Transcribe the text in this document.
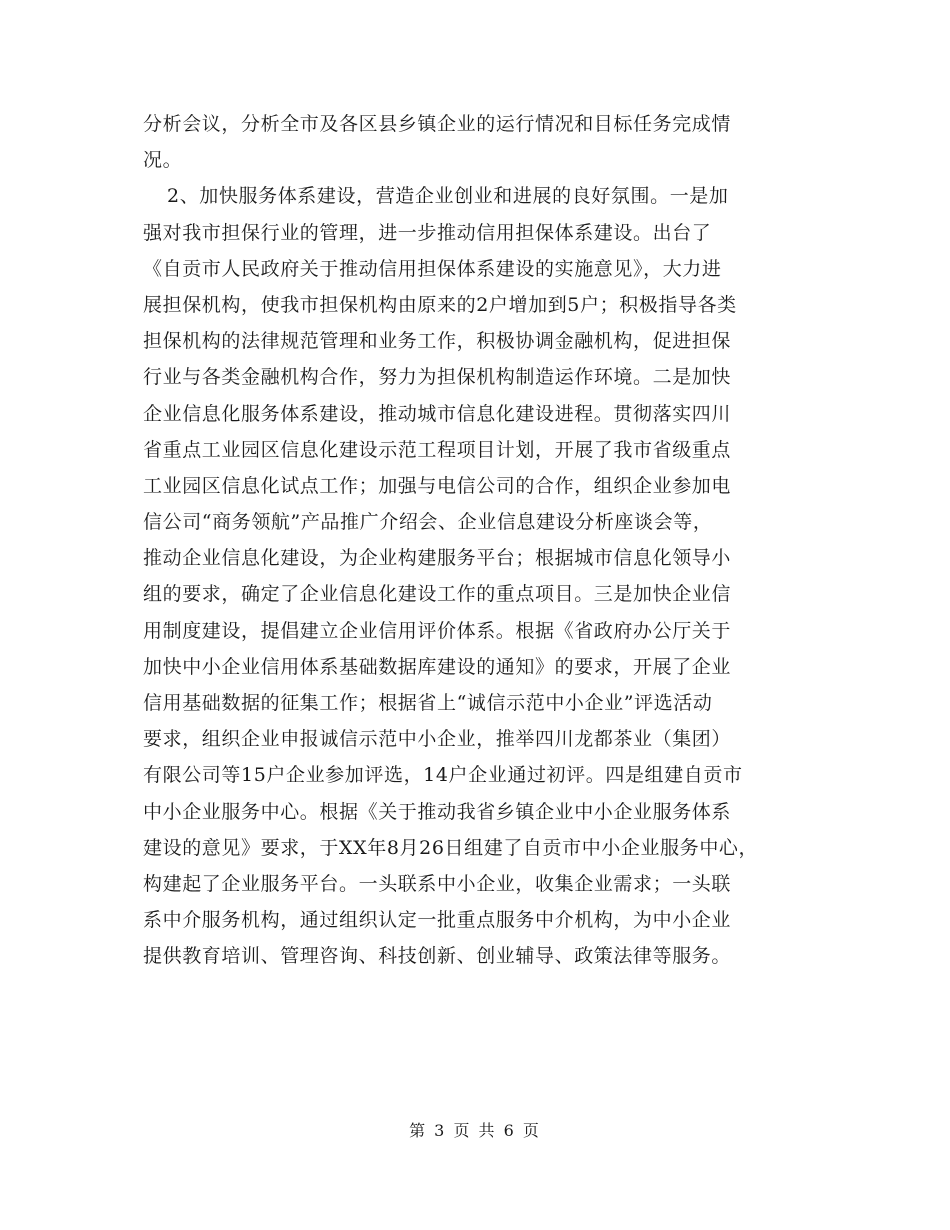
分析会议，分析全市及各区县乡镇企业的运行情况和目标任务完成情
况。
2、加快服务体系建设，营造企业创业和进展的良好氛围。一是加
强对我市担保行业的管理，进一步推动信用担保体系建设。出台了
《自贡市人民政府关于推动信用担保体系建设的实施意见》，大力进
展担保机构，使我市担保机构由原来的2户增加到5户；积极指导各类
担保机构的法律规范管理和业务工作，积极协调金融机构，促进担保
行业与各类金融机构合作，努力为担保机构制造运作环境。二是加快
企业信息化服务体系建设，推动城市信息化建设进程。贯彻落实四川
省重点工业园区信息化建设示范工程项目计划，开展了我市省级重点
工业园区信息化试点工作；加强与电信公司的合作，组织企业参加电
信公司“商务领航”产品推广介绍会、企业信息建设分析座谈会等，
推动企业信息化建设，为企业构建服务平台；根据城市信息化领导小
组的要求，确定了企业信息化建设工作的重点项目。三是加快企业信
用制度建设，提倡建立企业信用评价体系。根据《省政府办公厅关于
加快中小企业信用体系基础数据库建设的通知》的要求，开展了企业
信用基础数据的征集工作；根据省上“诚信示范中小企业”评选活动
要求，组织企业申报诚信示范中小企业，推举四川龙都茶业（集团）
有限公司等15户企业参加评选，14户企业通过初评。四是组建自贡市
中小企业服务中心。根据《关于推动我省乡镇企业中小企业服务体系
建设的意见》要求，于XX年8月26日组建了自贡市中小企业服务中心，
构建起了企业服务平台。一头联系中小企业，收集企业需求；一头联
系中介服务机构，通过组织认定一批重点服务中介机构，为中小企业
提供教育培训、管理咨询、科技创新、创业辅导、政策法律等服务。
第 3 页 共 6 页
